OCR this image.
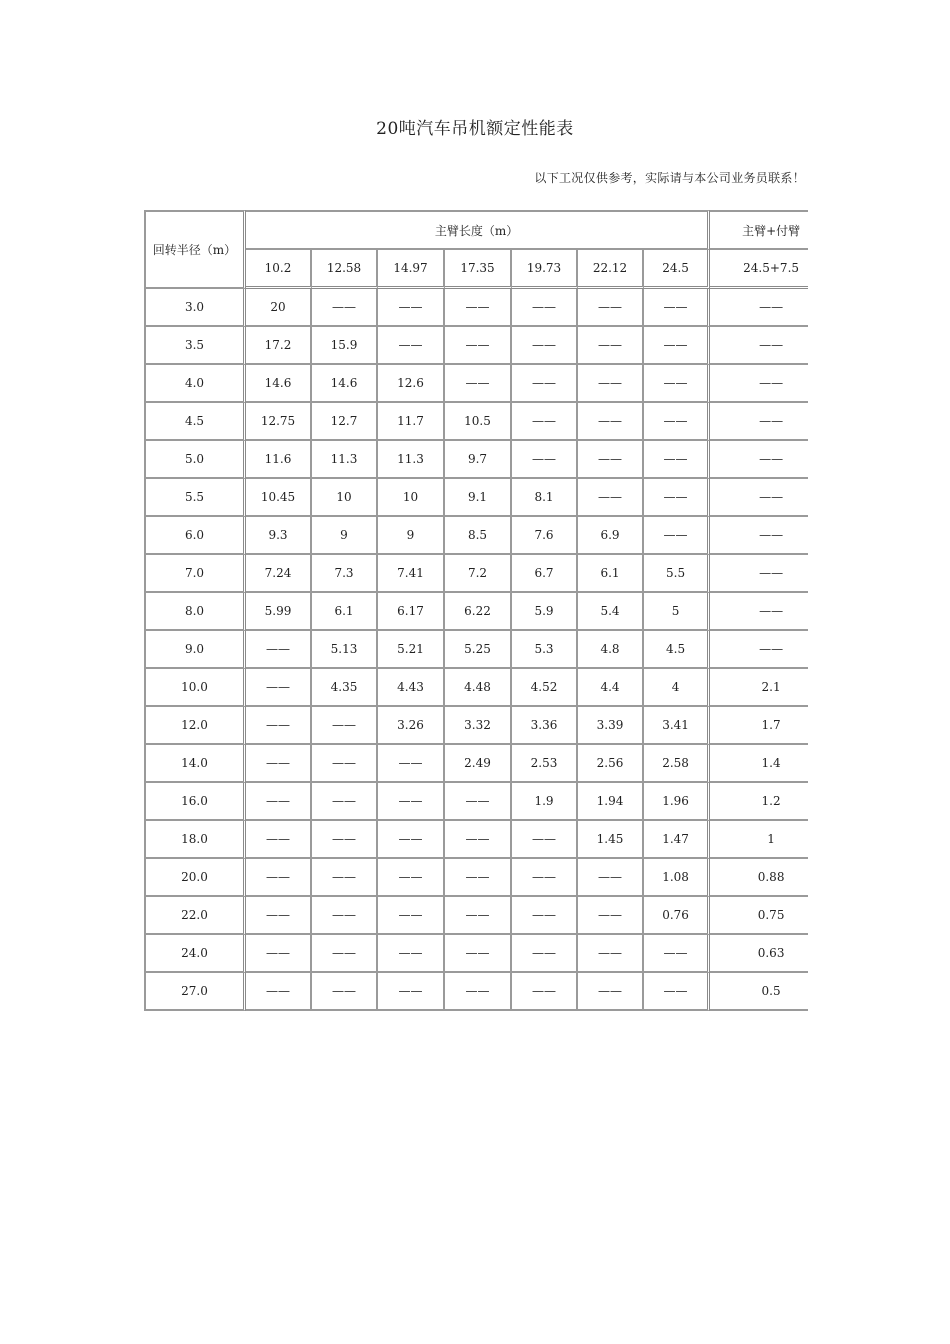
20吨汽车吊机额定性能表
以下工况仅供参考，实际请与本公司业务员联系！
回转半径（m）	主臂长度（m）							主臂+付臂
	10.2	12.58	14.97	17.35	19.73	22.12	24.5	24.5+7.5
3.0	20	——	——	——	——	——	——	——
3.5	17.2	15.9	——	——	——	——	——	——
4.0	14.6	14.6	12.6	——	——	——	——	——
4.5	12.75	12.7	11.7	10.5	——	——	——	——
5.0	11.6	11.3	11.3	9.7	——	——	——	——
5.5	10.45	10	10	9.1	8.1	——	——	——
6.0	9.3	9	9	8.5	7.6	6.9	——	——
7.0	7.24	7.3	7.41	7.2	6.7	6.1	5.5	——
8.0	5.99	6.1	6.17	6.22	5.9	5.4	5	——
9.0	——	5.13	5.21	5.25	5.3	4.8	4.5	——
10.0	——	4.35	4.43	4.48	4.52	4.4	4	2.1
12.0	——	——	3.26	3.32	3.36	3.39	3.41	1.7
14.0	——	——	——	2.49	2.53	2.56	2.58	1.4
16.0	——	——	——	——	1.9	1.94	1.96	1.2
18.0	——	——	——	——	——	1.45	1.47	1
20.0	——	——	——	——	——	——	1.08	0.88
22.0	——	——	——	——	——	——	0.76	0.75
24.0	——	——	——	——	——	——	——	0.63
27.0	——	——	——	——	——	——	——	0.5
